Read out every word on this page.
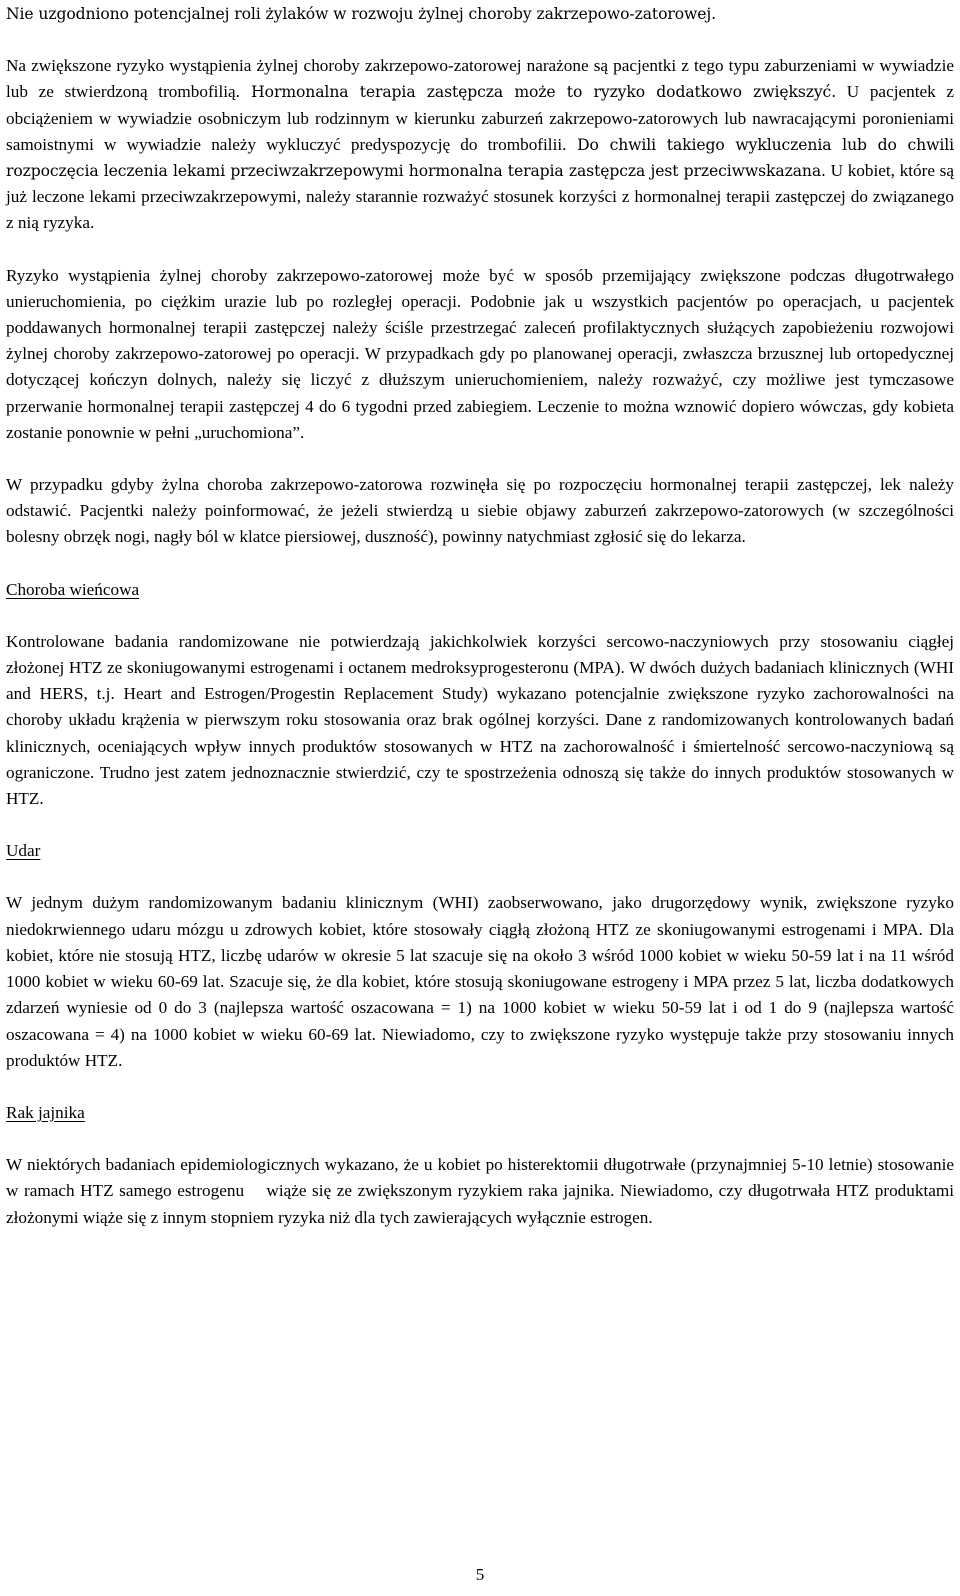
Nie uzgodniono potencjalnej roli żylaków w rozwoju żylnej choroby zakrzepowo-zatorowej.

Na zwiększone ryzyko wystąpienia żylnej choroby zakrzepowo-zatorowej narażone są pacjentki z tego typu zaburzeniami w wywiadzie lub ze stwierdzoną trombofilią. Hormonalna terapia zastępcza może to ryzyko dodatkowo zwiększyć. U pacjentek z obciążeniem w wywiadzie osobniczym lub rodzinnym w kierunku zaburzeń zakrzepowo-zatorowych lub nawracającymi poronieniami samoistnymi w wywiadzie należy wykluczyć predyspozycję do trombofilii. Do chwili takiego wykluczenia lub do chwili rozpoczęcia leczenia lekami przeciwzakrzepowymi hormonalna terapia zastępcza jest przeciwwskazana. U kobiet, które są już leczone lekami przeciwzakrzepowymi, należy starannie rozważyć stosunek korzyści z hormonalnej terapii zastępczej do związanego z nią ryzyka.

Ryzyko wystąpienia żylnej choroby zakrzepowo-zatorowej może być w sposób przemijający zwiększone podczas długotrwałego unieruchomienia, po ciężkim urazie lub po rozległej operacji. Podobnie jak u wszystkich pacjentów po operacjach, u pacjentek poddawanych hormonalnej terapii zastępczej należy ściśle przestrzegać zaleceń profilaktycznych służących zapobieżeniu rozwojowi żylnej choroby zakrzepowo-zatorowej po operacji. W przypadkach gdy po planowanej operacji, zwłaszcza brzusznej lub ortopedycznej dotyczącej kończyn dolnych, należy się liczyć z dłuższym unieruchomieniem, należy rozważyć, czy możliwe jest tymczasowe przerwanie hormonalnej terapii zastępczej 4 do 6 tygodni przed zabiegiem. Leczenie to można wznowić dopiero wówczas, gdy kobieta zostanie ponownie w pełni „uruchomiona”.

W przypadku gdyby żylna choroba zakrzepowo-zatorowa rozwinęła się po rozpoczęciu hormonalnej terapii zastępczej, lek należy odstawić. Pacjentki należy poinformować, że jeżeli stwierdzą u siebie objawy zaburzeń zakrzepowo-zatorowych (w szczególności bolesny obrzęk nogi, nagły ból w klatce piersiowej, duszność), powinny natychmiast zgłosić się do lekarza.

Choroba wieńcowa

Kontrolowane badania randomizowane nie potwierdzają jakichkolwiek korzyści sercowo-naczyniowych przy stosowaniu ciągłej złożonej HTZ ze skoniugowanymi estrogenami i octanem medroksyprogesteronu (MPA). W dwóch dużych badaniach klinicznych (WHI and HERS, t.j. Heart and Estrogen/Progestin Replacement Study) wykazano potencjalnie zwiększone ryzyko zachorowalności na choroby układu krążenia w pierwszym roku stosowania oraz brak ogólnej korzyści. Dane z randomizowanych kontrolowanych badań klinicznych, oceniających wpływ innych produktów stosowanych w HTZ na zachorowalność i śmiertelność sercowo-naczyniową są ograniczone. Trudno jest zatem jednoznacznie stwierdzić, czy te spostrzeżenia odnoszą się także do innych produktów stosowanych w HTZ.

Udar

W jednym dużym randomizowanym badaniu klinicznym (WHI) zaobserwowano, jako drugorzędowy wynik, zwiększone ryzyko niedokrwiennego udaru mózgu u zdrowych kobiet, które stosowały ciągłą złożoną HTZ ze skoniugowanymi estrogenami i MPA. Dla kobiet, które nie stosują HTZ, liczbę udarów w okresie 5 lat szacuje się na około 3 wśród 1000 kobiet w wieku 50-59 lat i na 11 wśród 1000 kobiet w wieku 60-69 lat. Szacuje się, że dla kobiet, które stosują skoniugowane estrogeny i MPA przez 5 lat, liczba dodatkowych zdarzeń wyniesie od 0 do 3 (najlepsza wartość oszacowana = 1) na 1000 kobiet w wieku 50-59 lat i od 1 do 9 (najlepsza wartość oszacowana = 4) na 1000 kobiet w wieku 60-69 lat. Niewiadomo, czy to zwiększone ryzyko występuje także przy stosowaniu innych produktów HTZ.

Rak jajnika

W niektórych badaniach epidemiologicznych wykazano, że u kobiet po histerektomii długotrwałe (przynajmniej 5-10 letnie) stosowanie w ramach HTZ samego estrogenu    wiąże się ze zwiększonym ryzykiem raka jajnika. Niewiadomo, czy długotrwała HTZ produktami złożonymi wiąże się z innym stopniem ryzyka niż dla tych zawierających wyłącznie estrogen.

5
